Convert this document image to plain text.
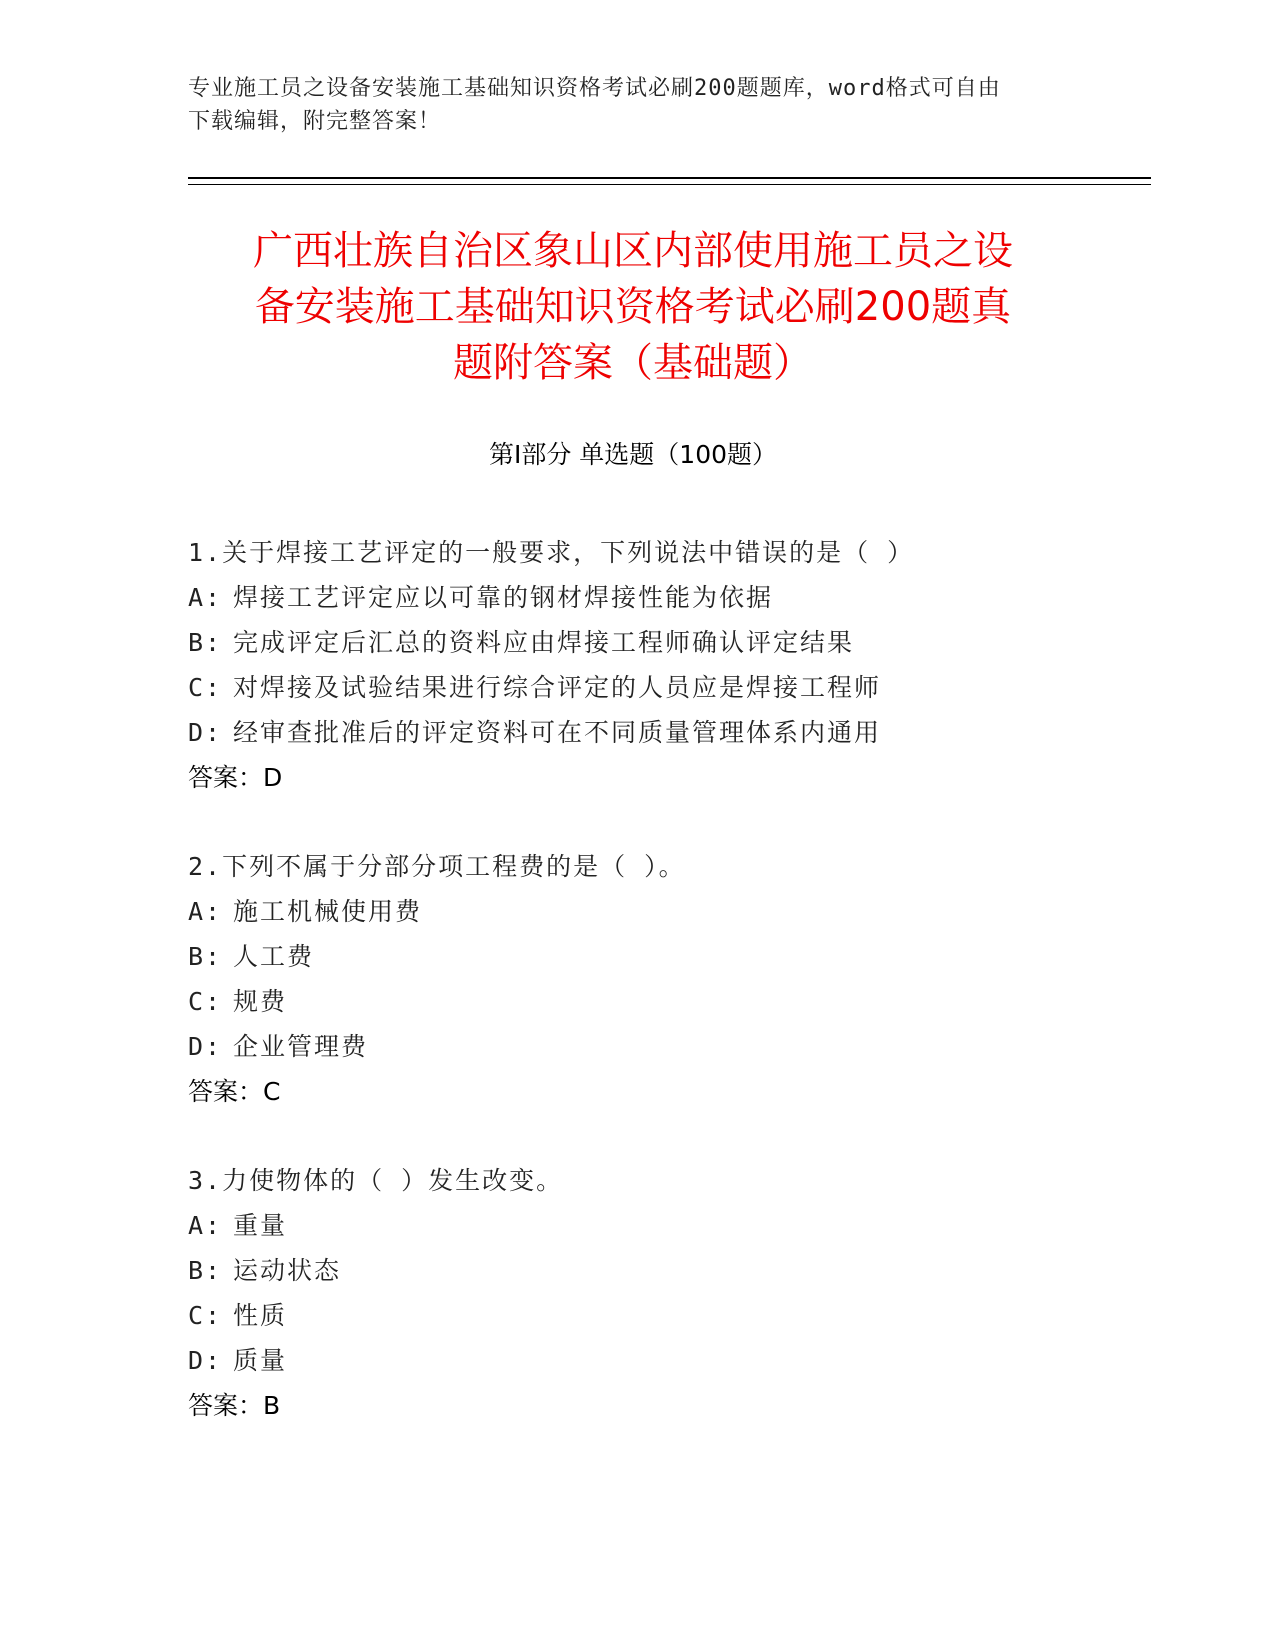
专业施工员之设备安装施工基础知识资格考试必刷200题题库，word格式可自由
下载编辑，附完整答案！
广西壮族自治区象山区内部使用施工员之设
备安装施工基础知识资格考试必刷200题真
题附答案（基础题）
第I部分 单选题（100题）
1.关于焊接工艺评定的一般要求，下列说法中错误的是（ ）
A: 焊接工艺评定应以可靠的钢材焊接性能为依据
B: 完成评定后汇总的资料应由焊接工程师确认评定结果
C: 对焊接及试验结果进行综合评定的人员应是焊接工程师
D: 经审查批准后的评定资料可在不同质量管理体系内通用
答案：D
2.下列不属于分部分项工程费的是（ ）。
A: 施工机械使用费
B: 人工费
C: 规费
D: 企业管理费
答案：C
3.力使物体的（ ）发生改变。
A: 重量
B: 运动状态
C: 性质
D: 质量
答案：B
